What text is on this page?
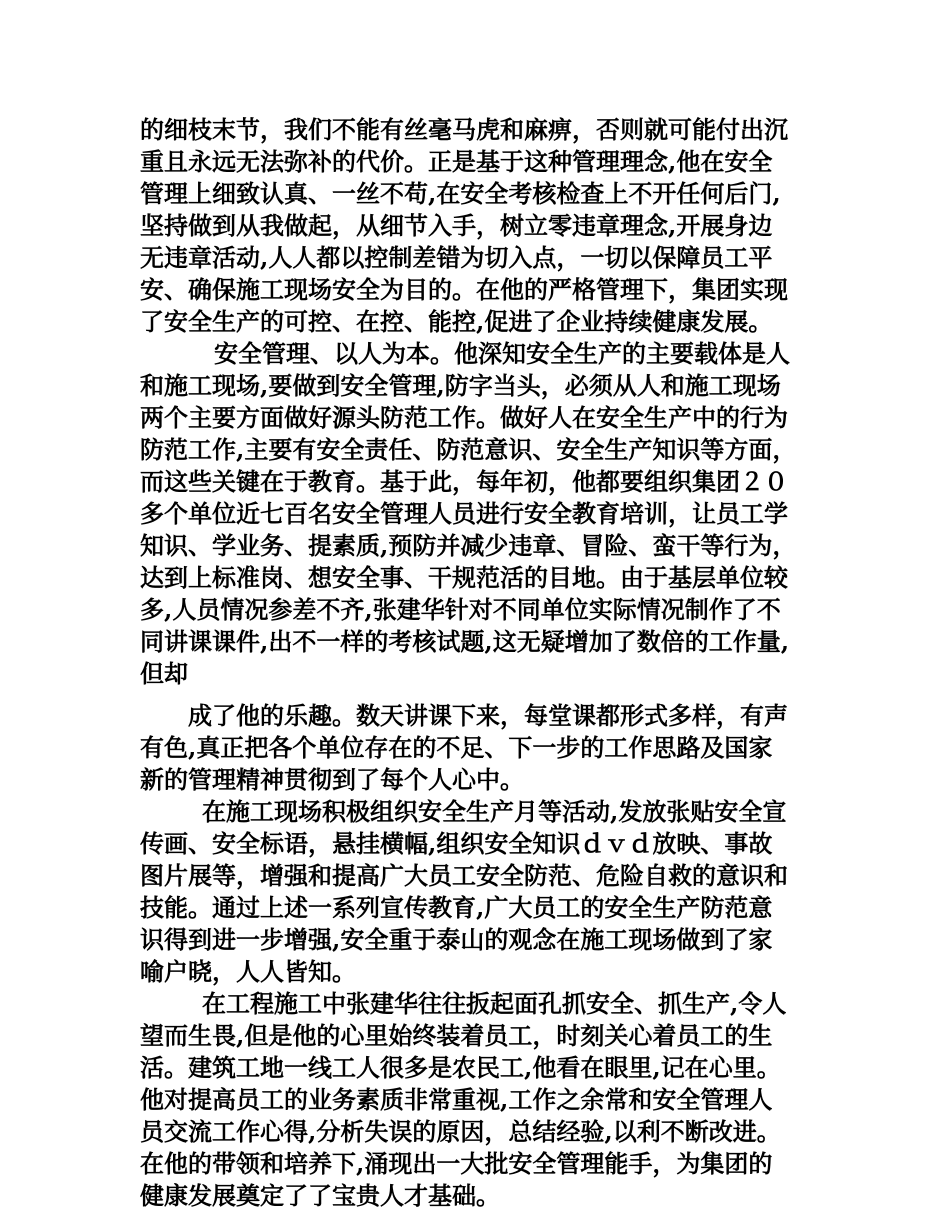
的细枝末节，我们不能有丝毫马虎和麻痹，否则就可能付出沉
重且永远无法弥补的代价。正是基于这种管理理念,他在安全
管理上细致认真、一丝不苟,在安全考核检查上不开任何后门,
坚持做到从我做起，从细节入手，树立零违章理念,开展身边
无违章活动,人人都以控制差错为切入点，一切以保障员工平
安、确保施工现场安全为目的。在他的严格管理下，集团实现
了安全生产的可控、在控、能控,促进了企业持续健康发展。
安全管理、以人为本。他深知安全生产的主要载体是人
和施工现场,要做到安全管理,防字当头，必须从人和施工现场
两个主要方面做好源头防范工作。做好人在安全生产中的行为
防范工作,主要有安全责任、防范意识、安全生产知识等方面，
而这些关键在于教育。基于此，每年初，他都要组织集团２０
多个单位近七百名安全管理人员进行安全教育培训，让员工学
知识、学业务、提素质,预防并减少违章、冒险、蛮干等行为，
达到上标准岗、想安全事、干规范活的目地。由于基层单位较
多,人员情况参差不齐,张建华针对不同单位实际情况制作了不
同讲课课件,出不一样的考核试题,这无疑增加了数倍的工作量,
但却
成了他的乐趣。数天讲课下来，每堂课都形式多样，有声
有色,真正把各个单位存在的不足、下一步的工作思路及国家
新的管理精神贯彻到了每个人心中。
在施工现场积极组织安全生产月等活动,发放张贴安全宣
传画、安全标语，悬挂横幅,组织安全知识ｄｖｄ放映、事故
图片展等，增强和提高广大员工安全防范、危险自救的意识和
技能。通过上述一系列宣传教育,广大员工的安全生产防范意
识得到进一步增强,安全重于泰山的观念在施工现场做到了家
喻户晓，人人皆知。
在工程施工中张建华往往扳起面孔抓安全、抓生产,令人
望而生畏,但是他的心里始终装着员工，时刻关心着员工的生
活。建筑工地一线工人很多是农民工,他看在眼里,记在心里。
他对提高员工的业务素质非常重视,工作之余常和安全管理人
员交流工作心得,分析失误的原因，总结经验,以利不断改进。
在他的带领和培养下,涌现出一大批安全管理能手，为集团的
健康发展奠定了了宝贵人才基础。
